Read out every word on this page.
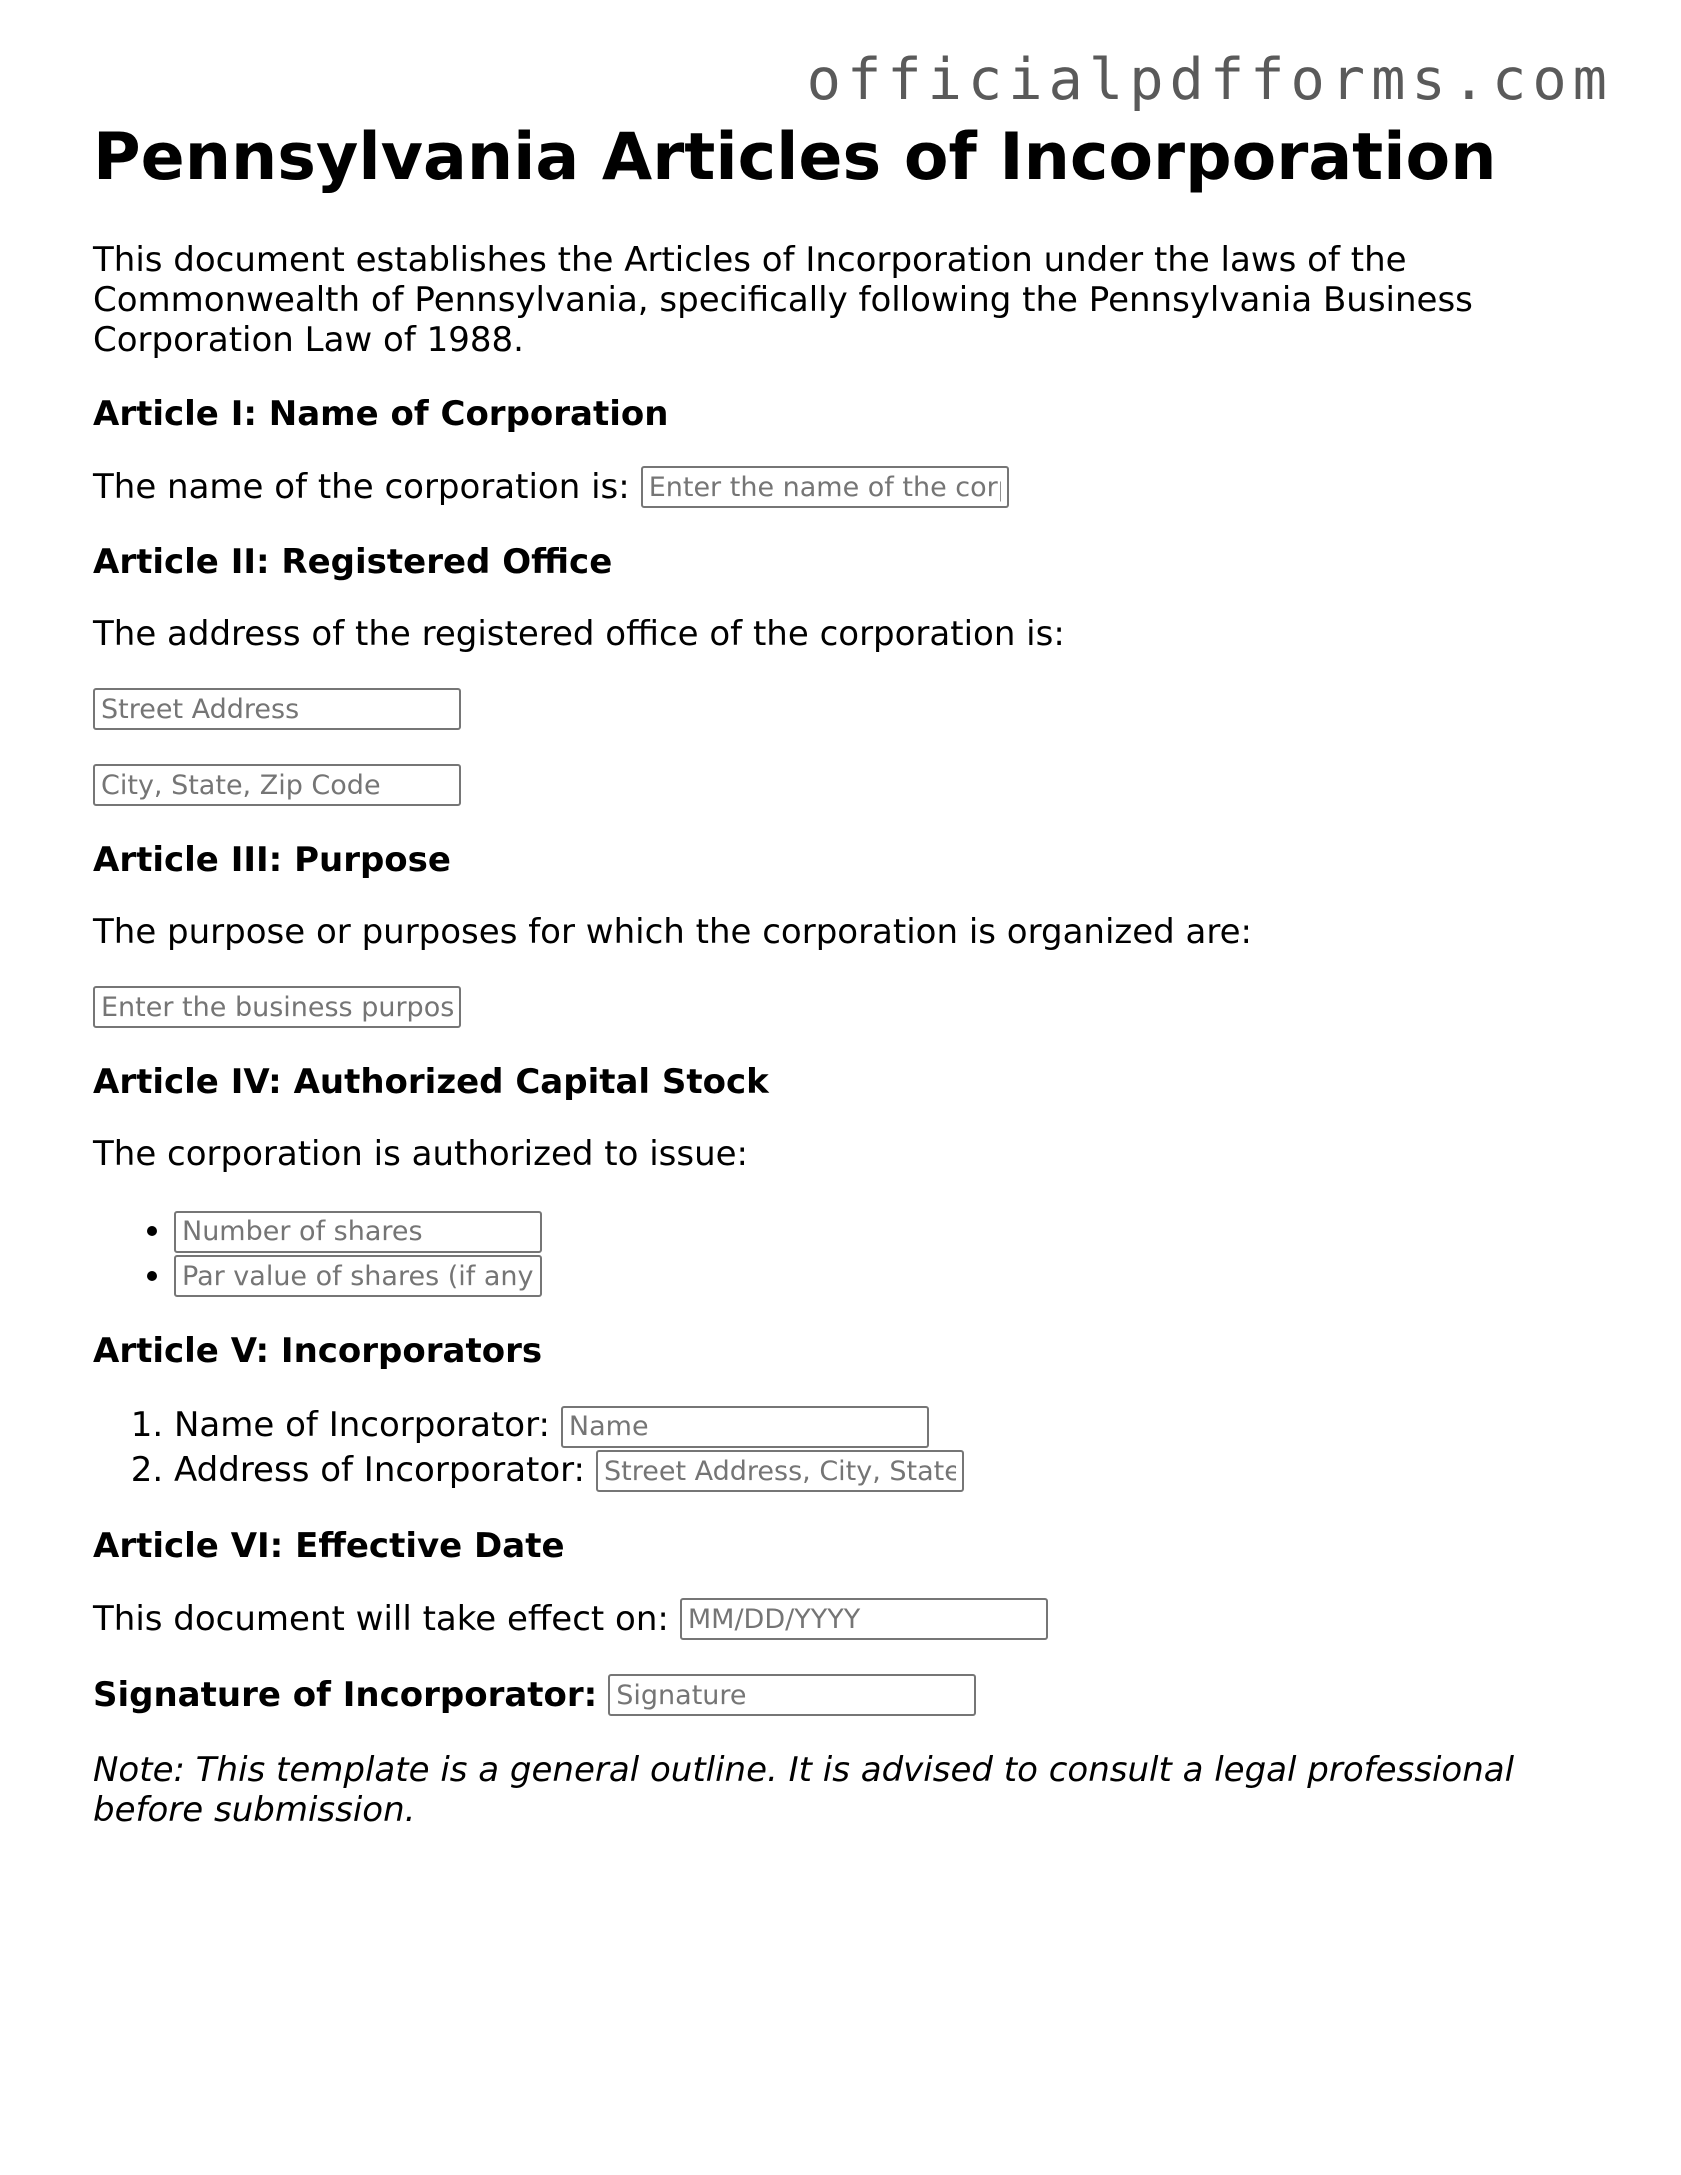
officialpdfforms.com
Pennsylvania Articles of Incorporation

This document establishes the Articles of Incorporation under the laws of the Commonwealth of Pennsylvania, specifically following the Pennsylvania Business Corporation Law of 1988.

Article I: Name of Corporation
The name of the corporation is:
Enter the name of the corporation
Article II: Registered Office

The address of the registered office of the corporation is:

Street Address
City, State, Zip Code
Article III: Purpose

The purpose or purposes for which the corporation is organized are:

Enter the business purpose
Article IV: Authorized Capital Stock

The corporation is authorized to issue:

• Number of shares
• Par value of shares (if any)
Article V: Incorporators
1. Name of Incorporator:Name
2. Address of Incorporator:Street Address, City, State, Zip
Article VI: Effective Date
This document will take effect on:
MM/DD/YYYY
Signature of Incorporator:
Signature

Note: This template is a general outline. It is advised to consult a legal professional before submission.
